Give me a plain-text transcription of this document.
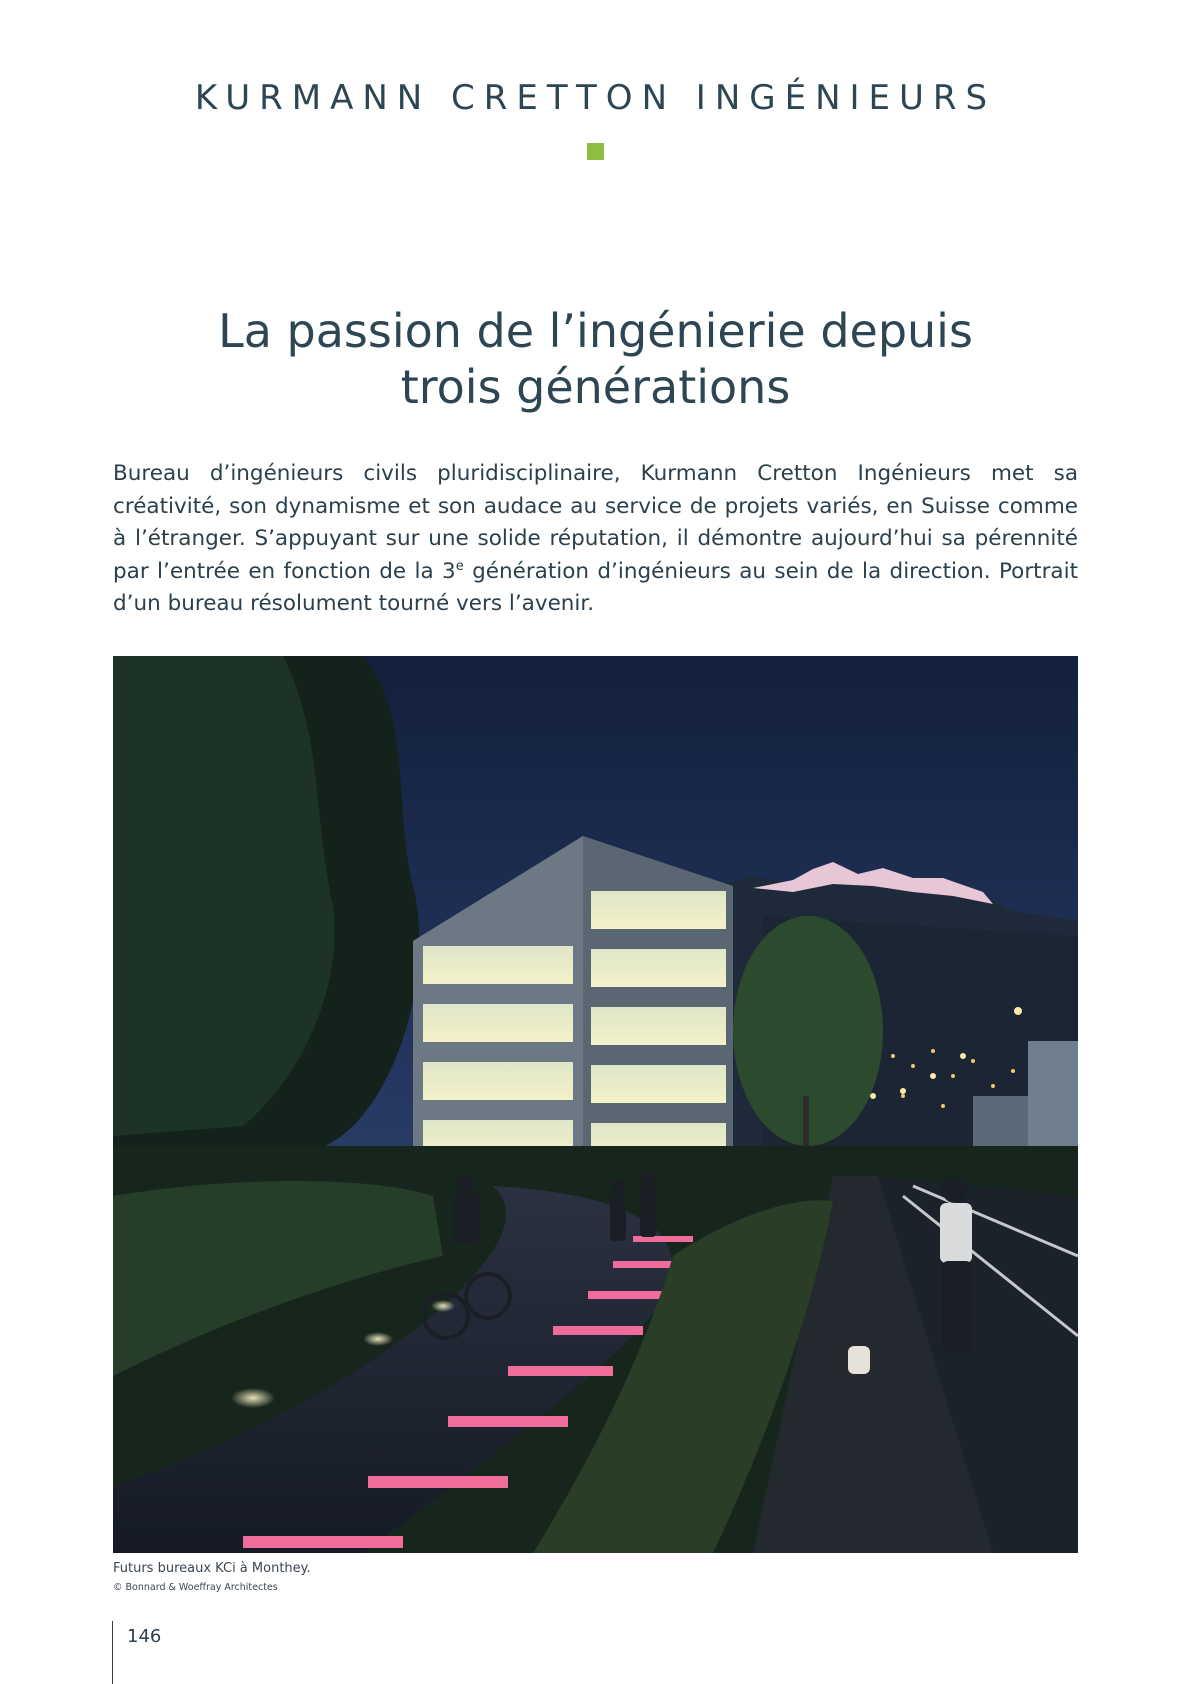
KURMANN CRETTON INGÉNIEURS
La passion de l’ingénierie depuis
trois générations

Bureau d’ingénieurs civils pluridisciplinaire, Kurmann Cretton Ingénieurs met sa créativité, son dynamisme et son audace au service de projets variés, en Suisse comme à l’étranger. S’appuyant sur une solide réputation, il démontre aujourd’hui sa pérennité par l’entrée en fonction de la 3e génération d’ingénieurs au sein de la direction. Portrait d’un bureau résolument tourné vers l’avenir.

Futurs bureaux KCi à Monthey.
© Bonnard & Woeffray Architectes
146
